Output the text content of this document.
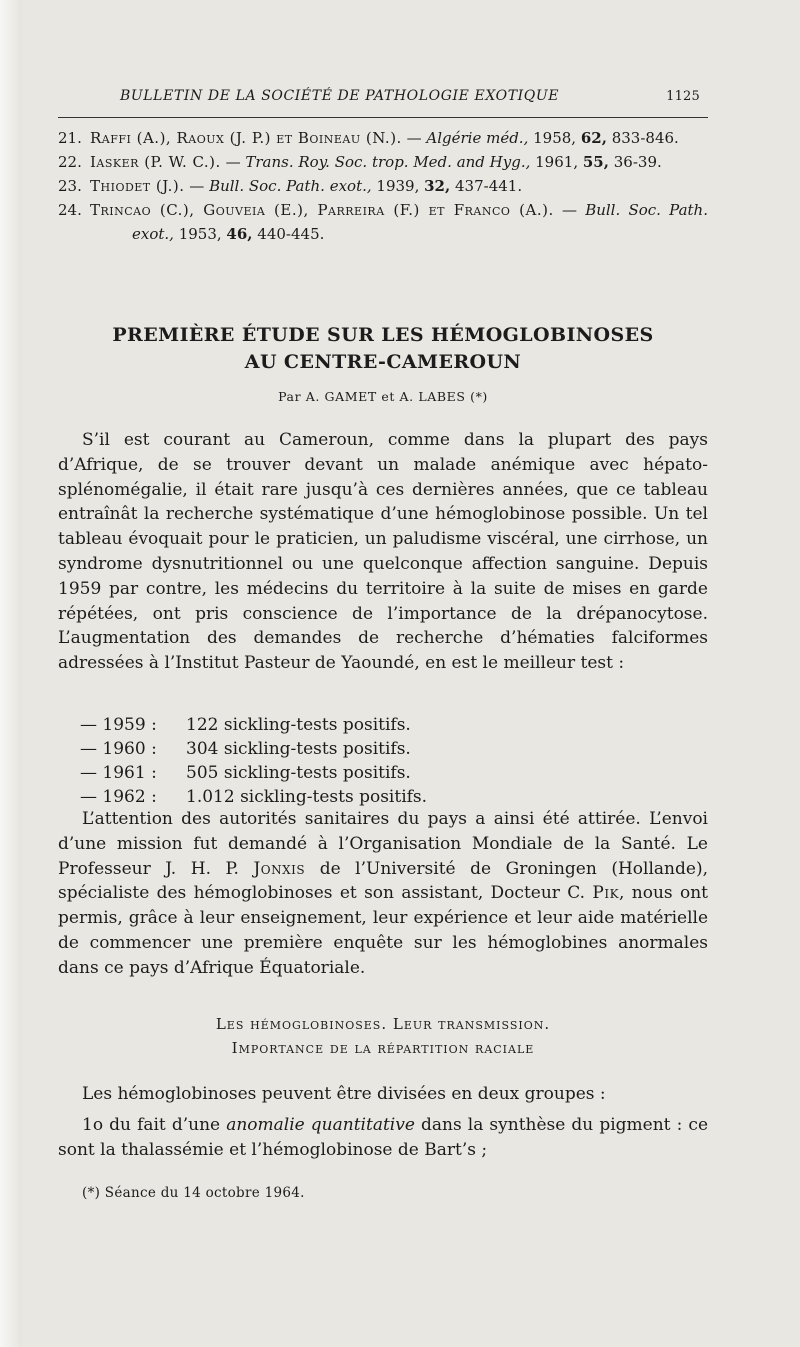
BULLETIN DE LA SOCIÉTÉ DE PATHOLOGIE EXOTIQUE	1125

21. Raffi (A.), Raoux (J. P.) et Boineau (N.). — Algérie méd., 1958, 62, 833-846.

22. Iasker (P. W. C.). — Trans. Roy. Soc. trop. Med. and Hyg., 1961, 55, 36-39.

23. Thiodet (J.). — Bull. Soc. Path. exot., 1939, 32, 437-441.

24. Trincao (C.), Gouveia (E.), Parreira (F.) et Franco (A.). — Bull. Soc. Path. exot., 1953, 46, 440-445.

PREMIÈRE ÉTUDE SUR LES HÉMOGLOBINOSES
AU CENTRE-CAMEROUN
Par A. GAMET et A. LABES (*)

S’il est courant au Cameroun, comme dans la plupart des pays d’Afrique, de se trouver devant un malade anémique avec hépato-splénomégalie, il était rare jusqu’à ces dernières années, que ce tableau entraînât la recherche systématique d’une hémoglobinose possible. Un tel tableau évoquait pour le praticien, un paludisme viscéral, une cirrhose, un syndrome dysnutritionnel ou une quelconque affection sanguine. Depuis 1959 par contre, les médecins du territoire à la suite de mises en garde répétées, ont pris conscience de l’importance de la drépanocytose. L’augmentation des demandes de recherche d’hématies falciformes adressées à l’Institut Pasteur de Yaoundé, en est le meilleur test :

— 1959 :	122 sickling-tests positifs.
— 1960 :	304 sickling-tests positifs.
— 1961 :	505 sickling-tests positifs.
— 1962 :	1.012 sickling-tests positifs.

L’attention des autorités sanitaires du pays a ainsi été attirée. L’envoi d’une mission fut demandé à l’Organisation Mondiale de la Santé. Le Professeur J. H. P. Jonxis de l’Université de Groningen (Hollande), spécialiste des hémoglobinoses et son assistant, Docteur C. Pik, nous ont permis, grâce à leur enseignement, leur expérience et leur aide matérielle de commencer une première enquête sur les hémoglobines anormales dans ce pays d’Afrique Équatoriale.

Les hémoglobinoses. Leur transmission.
Importance de la répartition raciale

Les hémoglobinoses peuvent être divisées en deux groupes :

1o du fait d’une anomalie quantitative dans la synthèse du pigment : ce sont la thalassémie et l’hémoglobinose de Bart’s ;

(*) Séance du 14 octobre 1964.
